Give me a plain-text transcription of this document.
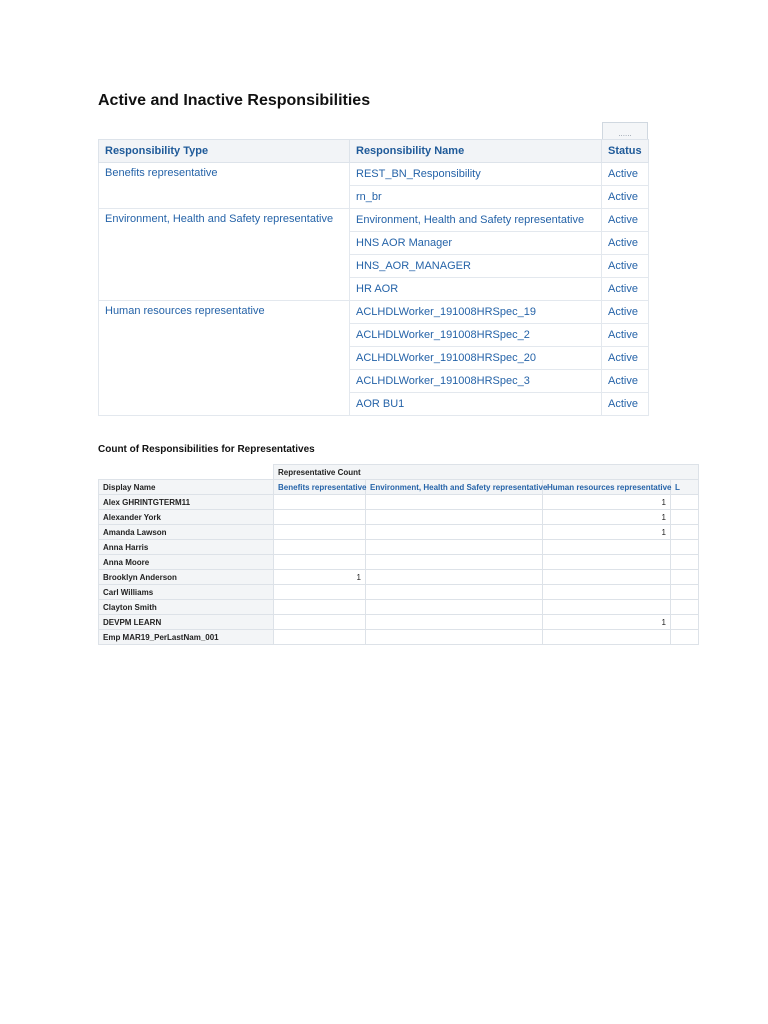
Active and Inactive Responsibilities
......
Responsibility Type	Responsibility Name	Status
Benefits representative	REST_BN_Responsibility	Active
	rn_br	Active
Environment, Health and Safety representative	Environment, Health and Safety representative	Active
	HNS AOR Manager	Active
	HNS_AOR_MANAGER	Active
	HR AOR	Active
Human resources representative	ACLHDLWorker_191008HRSpec_19	Active
	ACLHDLWorker_191008HRSpec_2	Active
	ACLHDLWorker_191008HRSpec_20	Active
	ACLHDLWorker_191008HRSpec_3	Active
	AOR BU1	Active
Count of Responsibilities for Representatives
	Representative Count			
Display Name	Benefits representative	Environment, Health and Safety representative	Human resources representative	L
Alex GHRINTGTERM11			1	
Alexander York			1	
Amanda Lawson			1	
Anna Harris				
Anna Moore				
Brooklyn Anderson	1			
Carl Williams				
Clayton Smith				
DEVPM LEARN			1	
Emp MAR19_PerLastNam_001				
